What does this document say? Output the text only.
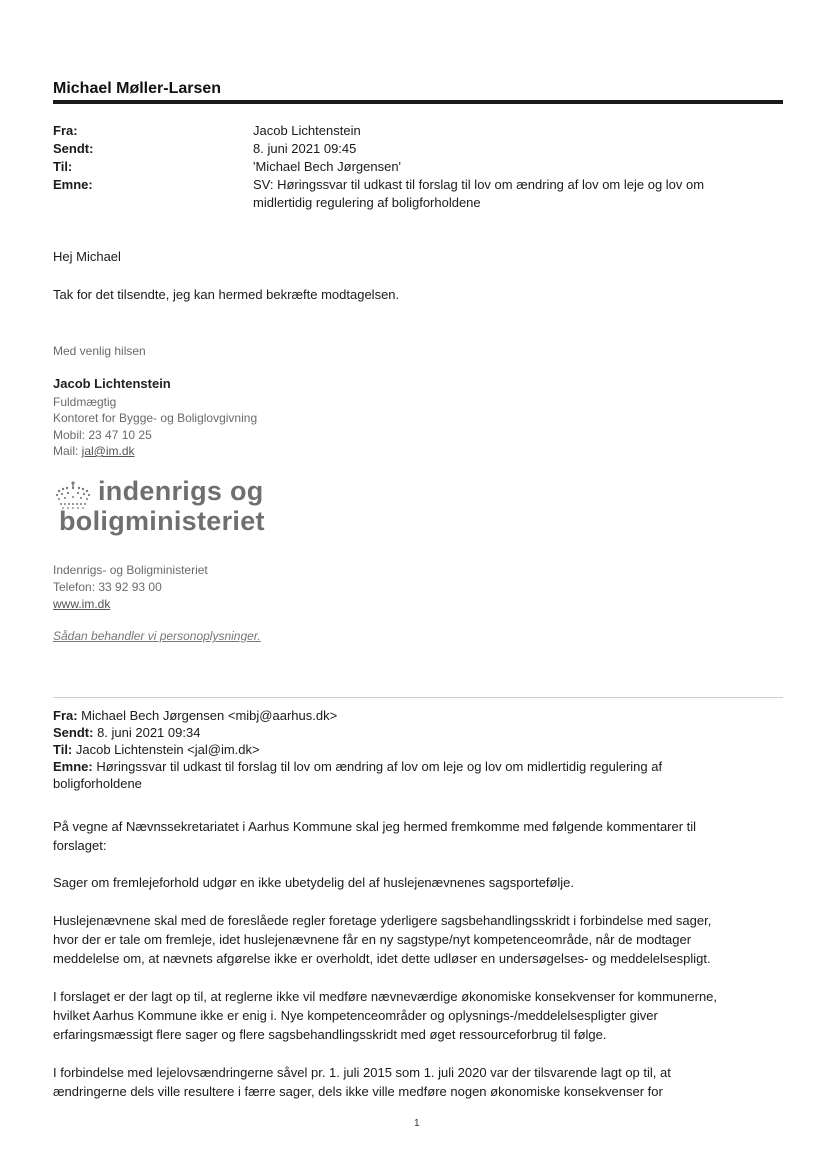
Michael Møller-Larsen
Fra:	Jacob Lichtenstein
Sendt:	8. juni 2021 09:45
Til:	'Michael Bech Jørgensen'
Emne:	SV: Høringssvar til udkast til forslag til lov om ændring af lov om leje og lov om
midlertidig regulering af boligforholdene
Hej Michael
Tak for det tilsendte, jeg kan hermed bekræfte modtagelsen.
Med venlig hilsen
Jacob Lichtenstein
Fuldmægtig
Kontoret for Bygge- og Boliglovgivning
Mobil: 23 47 10 25
Mail: jal@im.dk
indenrigs og
boligministeriet
Indenrigs- og Boligministeriet
Telefon: 33 92 93 00
www.im.dk
Sådan behandler vi personoplysninger.
Fra: Michael Bech Jørgensen <mibj@aarhus.dk>
Sendt: 8. juni 2021 09:34
Til: Jacob Lichtenstein <jal@im.dk>
Emne: Høringssvar til udkast til forslag til lov om ændring af lov om leje og lov om midlertidig regulering af
boligforholdene
På vegne af Nævnssekretariatet i Aarhus Kommune skal jeg hermed fremkomme med følgende kommentarer til
forslaget:
Sager om fremlejeforhold udgør en ikke ubetydelig del af huslejenævnenes sagsportefølje.
Huslejenævnene skal med de foreslåede regler foretage yderligere sagsbehandlingsskridt i forbindelse med sager,
hvor der er tale om fremleje, idet huslejenævnene får en ny sagstype/nyt kompetenceområde, når de modtager
meddelelse om, at nævnets afgørelse ikke er overholdt, idet dette udløser en undersøgelses- og meddelelsespligt.
I forslaget er der lagt op til, at reglerne ikke vil medføre nævneværdige økonomiske konsekvenser for kommunerne,
hvilket Aarhus Kommune ikke er enig i. Nye kompetenceområder og oplysnings-/meddelelsespligter giver
erfaringsmæssigt flere sager og flere sagsbehandlingsskridt med øget ressourceforbrug til følge.
I forbindelse med lejelovsændringerne såvel pr. 1. juli 2015 som 1. juli 2020 var der tilsvarende lagt op til, at
ændringerne dels ville resultere i færre sager, dels ikke ville medføre nogen økonomiske konsekvenser for
1
